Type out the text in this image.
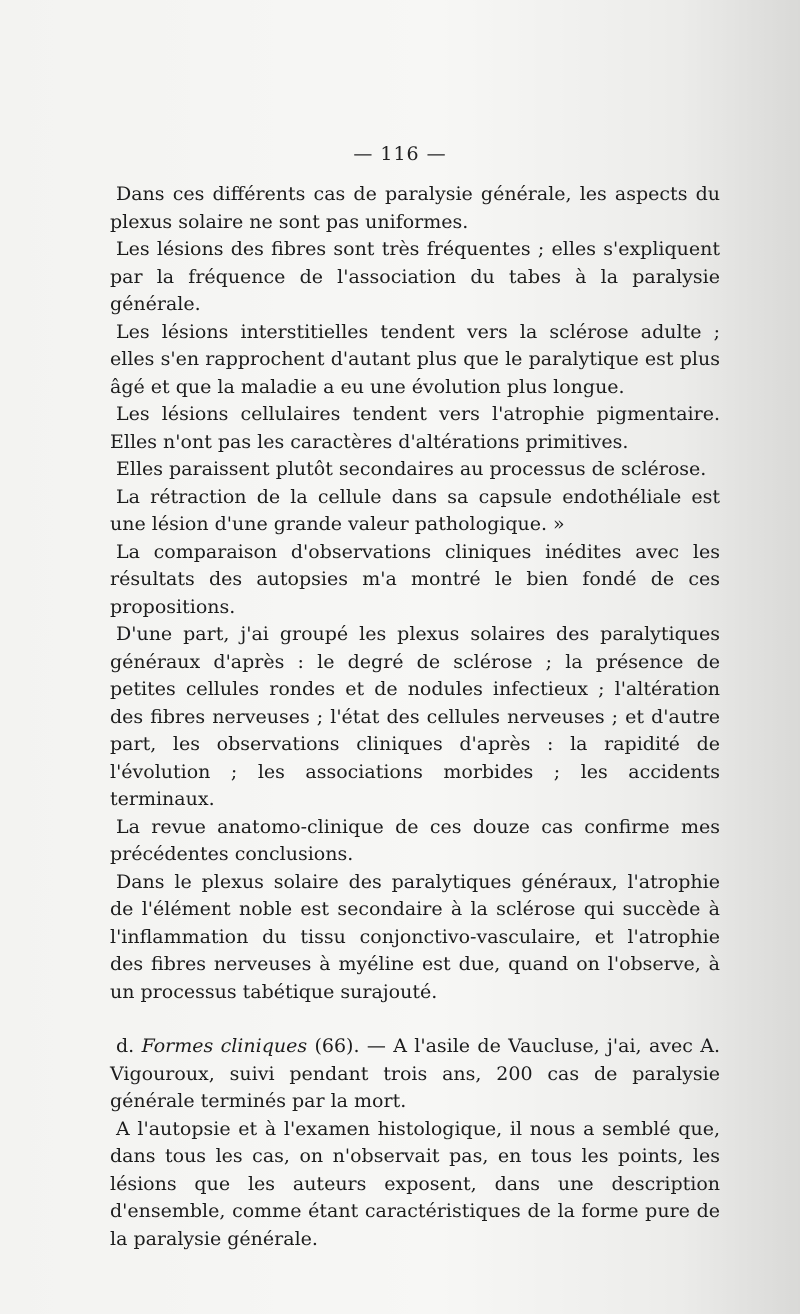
— 116 —

Dans ces différents cas de paralysie générale, les aspects du plexus solaire ne sont pas uniformes.

Les lésions des fibres sont très fréquentes ; elles s'expliquent par la fréquence de l'association du tabes à la paralysie générale.

Les lésions interstitielles tendent vers la sclérose adulte ; elles s'en rapprochent d'autant plus que le paralytique est plus âgé et que la maladie a eu une évolution plus longue.

Les lésions cellulaires tendent vers l'atrophie pigmentaire. Elles n'ont pas les caractères d'altérations primitives.

Elles paraissent plutôt secondaires au processus de sclérose.

La rétraction de la cellule dans sa capsule endothéliale est une lésion d'une grande valeur pathologique. »

La comparaison d'observations cliniques inédites avec les résultats des autopsies m'a montré le bien fondé de ces propositions.

D'une part, j'ai groupé les plexus solaires des paralytiques généraux d'après : le degré de sclérose ; la présence de petites cellules rondes et de nodules infectieux ; l'altération des fibres nerveuses ; l'état des cellules nerveuses ; et d'autre part, les observations cliniques d'après : la rapidité de l'évolution ; les associations morbides ; les accidents terminaux.

La revue anatomo-clinique de ces douze cas confirme mes précédentes conclusions.

Dans le plexus solaire des paralytiques généraux, l'atrophie de l'élément noble est secondaire à la sclérose qui succède à l'inflammation du tissu conjonctivo-vasculaire, et l'atrophie des fibres nerveuses à myéline est due, quand on l'observe, à un processus tabétique surajouté.

d. Formes cliniques (66). — A l'asile de Vaucluse, j'ai, avec A. Vigouroux, suivi pendant trois ans, 200 cas de paralysie générale terminés par la mort.

A l'autopsie et à l'examen histologique, il nous a semblé que, dans tous les cas, on n'observait pas, en tous les points, les lésions que les auteurs exposent, dans une description d'ensemble, comme étant caractéristiques de la forme pure de la paralysie générale.
